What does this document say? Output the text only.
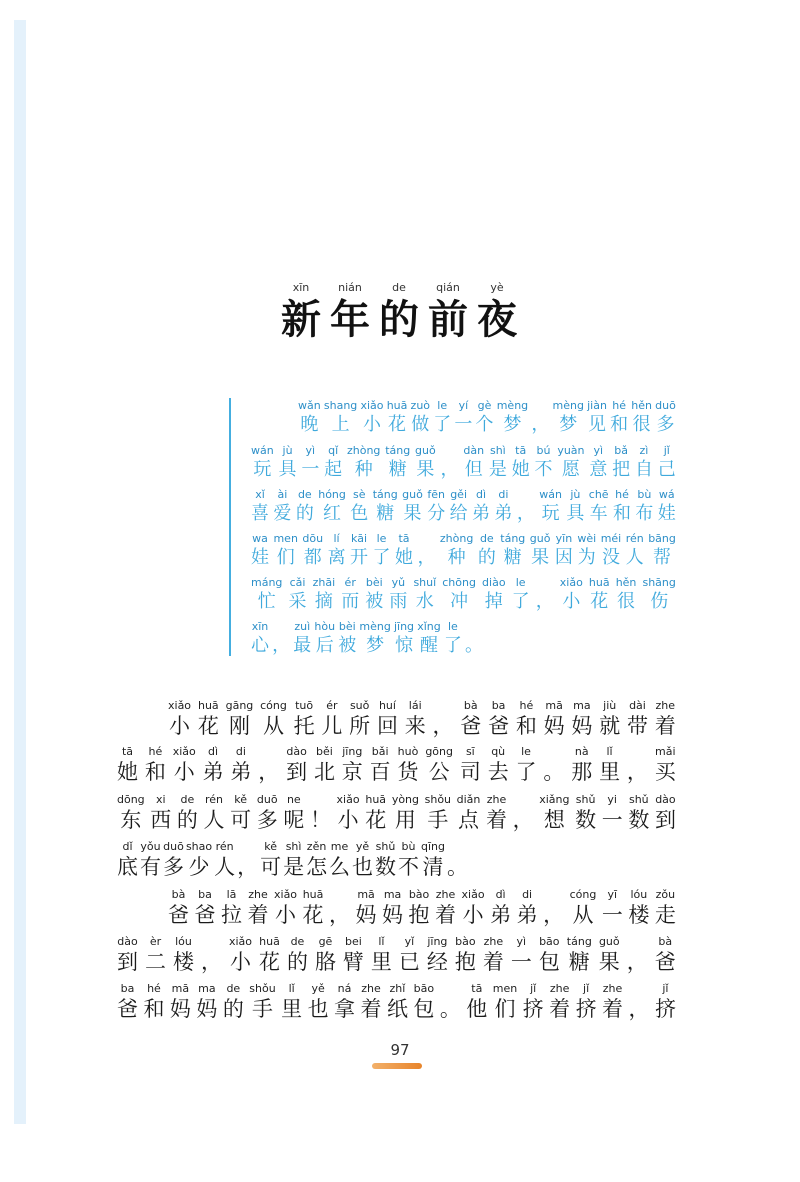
xīn
新
nián
年
de
的
qián
前
yè
夜
wǎn
晚
shang
上
xiǎo
小
huā
花
zuò
做
le
了
yí
一
gè
个
mèng
梦 ，
mèng
梦
jiàn
见
hé
和
hěn
很
duō
多
wán
玩
jù
具
yì
一
qǐ
起
zhòng
种
táng
糖
guǒ
果 ，
dàn
但
shì
是
tā
她
bú
不
yuàn
愿
yì
意
bǎ
把
zì
自
jǐ
己
xǐ
喜
ài
爱
de
的
hóng
红
sè
色
táng
糖
guǒ
果
fēn
分
gěi
给
dì
弟
di
弟 ，
wán
玩
jù
具
chē
车
hé
和
bù
布
wá
娃
wa
娃
men
们
dōu
都
lí
离
kāi
开
le
了
tā
她 ，
zhòng
种
de
的
táng
糖
guǒ
果
yīn
因
wèi
为
méi
没
rén
人
bāng
帮
máng
忙
cǎi
采
zhāi
摘
ér
而
bèi
被
yǔ
雨
shuǐ
水
chōng
冲
diào
掉
le
了 ，
xiǎo
小
huā
花
hěn
很
shāng
伤
xīn
心 ，
zuì
最
hòu
后
bèi
被
mèng
梦
jīng
惊
xǐng
醒
le
了 。
xiǎo
小
huā
花
gāng
刚
cóng
从
tuō
托
ér
儿
suǒ
所
huí
回
lái
来 ，
bà
爸
ba
爸
hé
和
mā
妈
ma
妈
jiù
就
dài
带
zhe
着
tā
她
hé
和
xiǎo
小
dì
弟
di
弟 ，
dào
到
běi
北
jīng
京
bǎi
百
huò
货
gōng
公
sī
司
qù
去
le
了 。
nà
那
lǐ
里 ，
mǎi
买
dōng
东
xi
西
de
的
rén
人
kě
可
duō
多
ne
呢 ！
xiǎo
小
huā
花
yòng
用
shǒu
手
diǎn
点
zhe
着 ，
xiǎng
想
shǔ
数
yi
一
shǔ
数
dào
到
dǐ
底
yǒu
有
duō
多
shao
少
rén
人 ，
kě
可
shì
是
zěn
怎
me
么
yě
也
shǔ
数
bù
不
qīng
清 。
bà
爸
ba
爸
lā
拉
zhe
着
xiǎo
小
huā
花 ，
mā
妈
ma
妈
bào
抱
zhe
着
xiǎo
小
dì
弟
di
弟 ，
cóng
从
yī
一
lóu
楼
zǒu
走
dào
到
èr
二
lóu
楼 ，
xiǎo
小
huā
花
de
的
gē
胳
bei
臂
lǐ
里
yǐ
已
jīng
经
bào
抱
zhe
着
yì
一
bāo
包
táng
糖
guǒ
果 ，
bà
爸
ba
爸
hé
和
mā
妈
ma
妈
de
的
shǒu
手
lǐ
里
yě
也
ná
拿
zhe
着
zhǐ
纸
bāo
包 。
tā
他
men
们
jǐ
挤
zhe
着
jǐ
挤
zhe
着 ，
jǐ
挤
97
